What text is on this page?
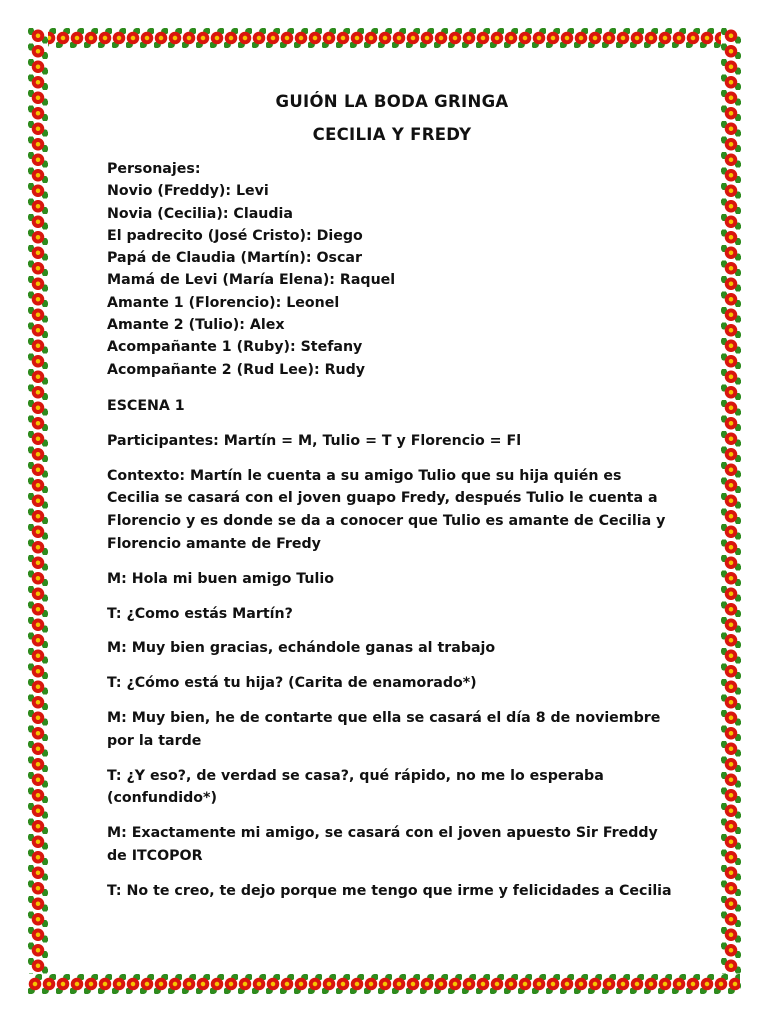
GUIÓN LA BODA GRINGA
CECILIA Y FREDY
Personajes:
Novio (Freddy): Levi
Novia (Cecilia): Claudia
El padrecito (José Cristo): Diego
Papá de Claudia (Martín): Oscar
Mamá de Levi (María Elena): Raquel
Amante 1 (Florencio): Leonel
Amante 2 (Tulio): Alex
Acompañante 1 (Ruby): Stefany
Acompañante 2 (Rud Lee): Rudy

ESCENA 1

Participantes: Martín = M, Tulio = T y Florencio = Fl

Contexto: Martín le cuenta a su amigo Tulio que su hija quién es Cecilia se casará con el joven guapo Fredy, después Tulio le cuenta a Florencio y es donde se da a conocer que Tulio es amante de Cecilia y Florencio amante de Fredy

M: Hola mi buen amigo Tulio

T: ¿Como estás Martín?

M: Muy bien gracias, echándole ganas al trabajo

T: ¿Cómo está tu hija? (Carita de enamorado*)

M: Muy bien, he de contarte que ella se casará el día 8 de noviembre por la tarde

T: ¿Y eso?, de verdad se casa?, qué rápido, no me lo esperaba (confundido*)

M: Exactamente mi amigo, se casará con el joven apuesto Sir Freddy de ITCOPOR

T: No te creo, te dejo porque me tengo que irme y felicidades a Cecilia
